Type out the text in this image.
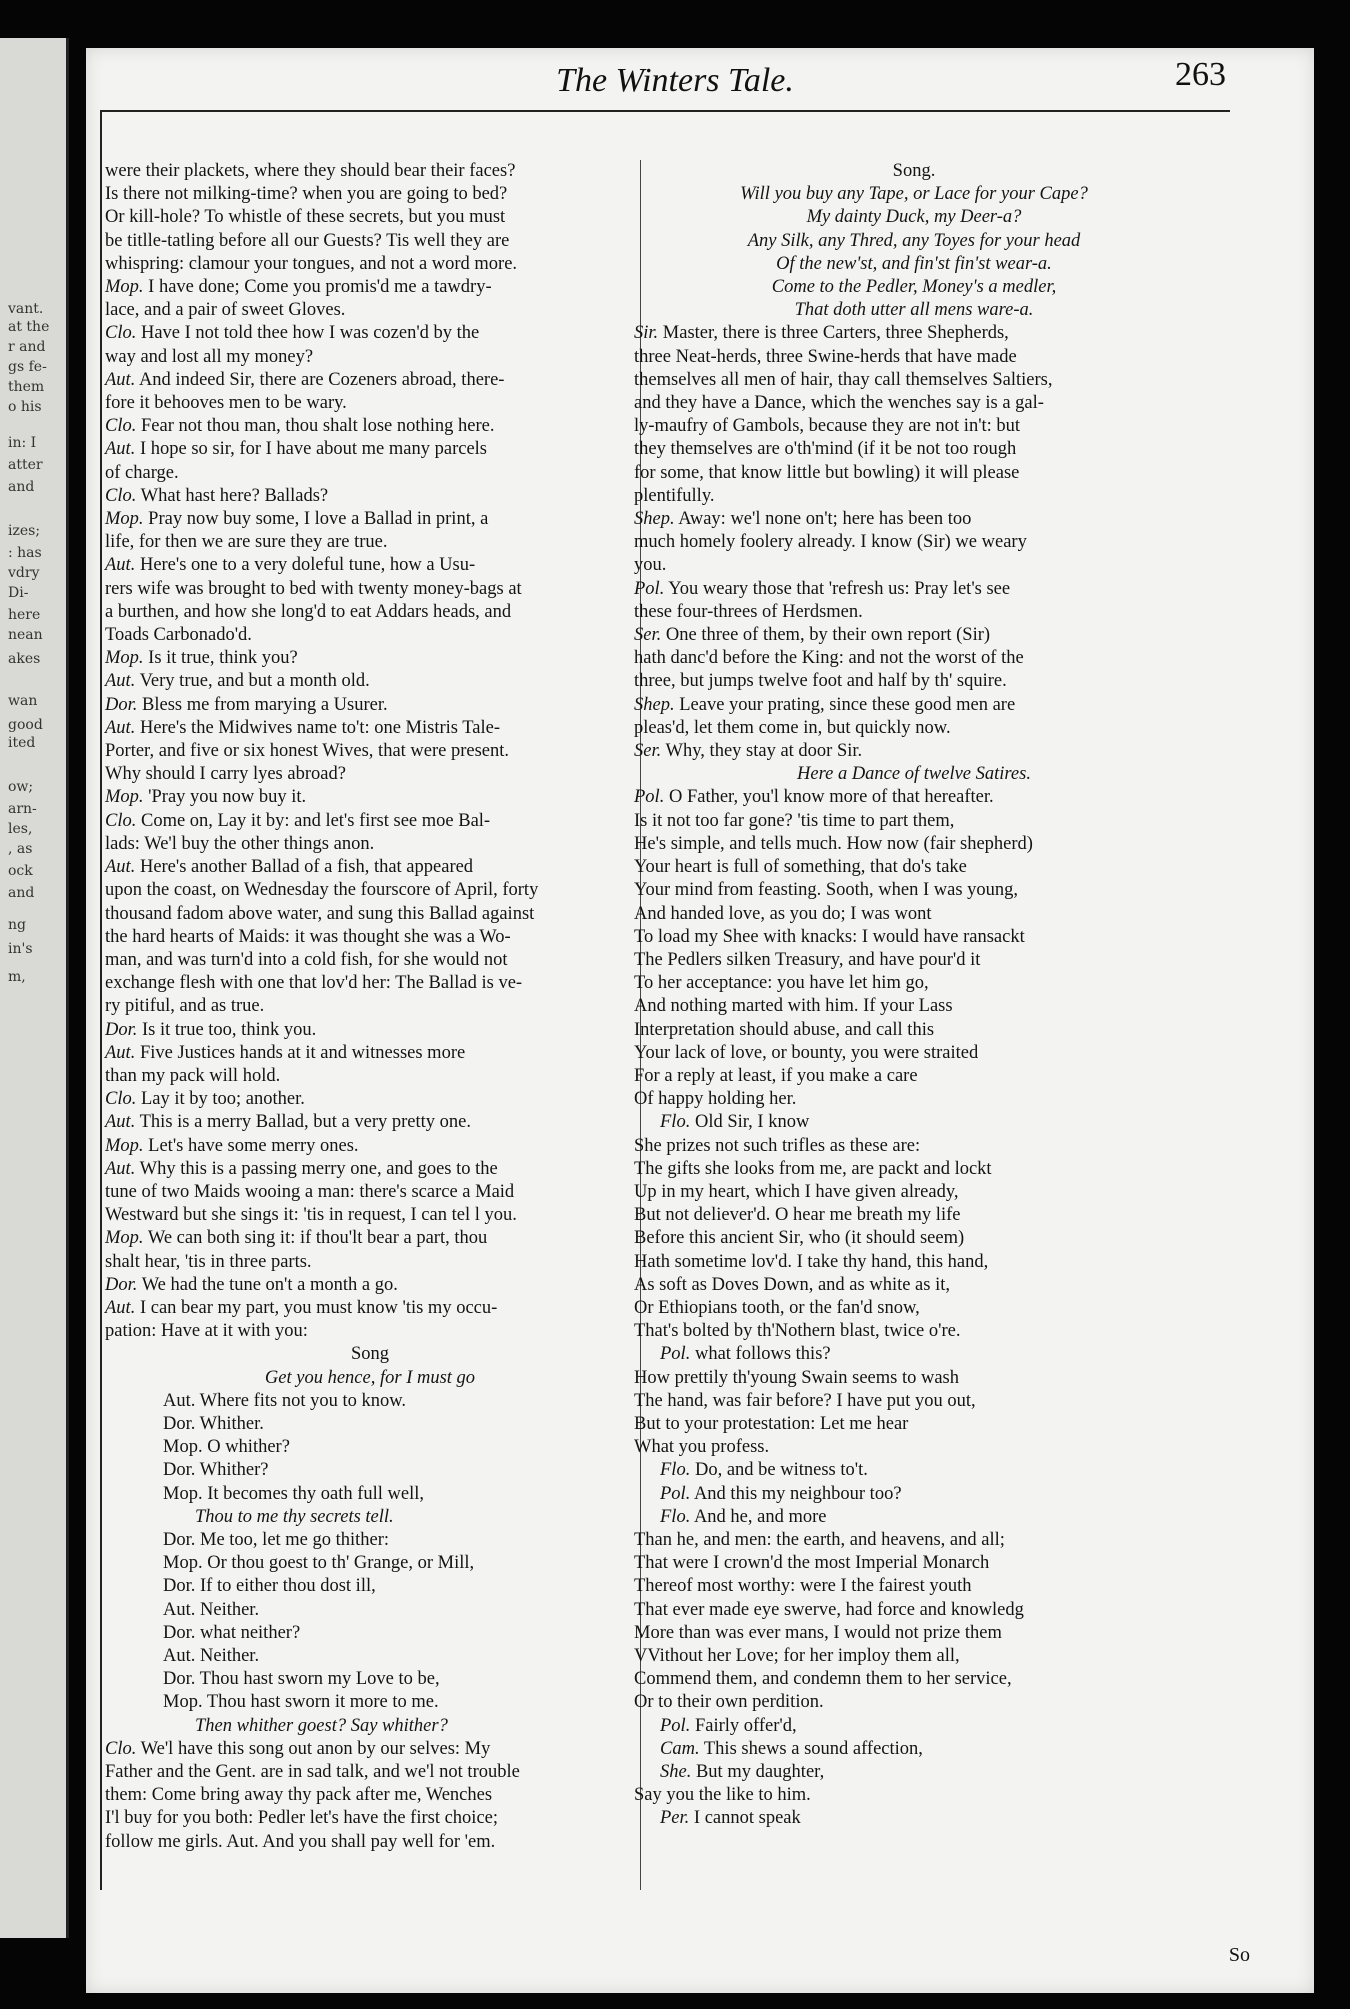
vant.
at the
r and
gs fe-
them
o his
in: I
atter
and
izes;
: has
vdry
Di-
here
nean
akes
wan
good
ited
ow;
arn-
les,
, as
ock
and
ng
in's
m,
The Winters Tale.	263

were their plackets, where they should bear their faces?

Is there not milking-time? when you are going to bed?

Or kill-hole? To whistle of these secrets, but you must

be titlle-tatling before all our Guests? Tis well they are

whispring: clamour your tongues, and not a word more.

Mop. I have done; Come you promis'd me a tawdry-

lace, and a pair of sweet Gloves.

Clo. Have I not told thee how I was cozen'd by the

way and lost all my money?

Aut. And indeed Sir, there are Cozeners abroad, there-

fore it behooves men to be wary.

Clo. Fear not thou man, thou shalt lose nothing here.

Aut. I hope so sir, for I have about me many parcels

of charge.

Clo. What hast here? Ballads?

Mop. Pray now buy some, I love a Ballad in print, a

life, for then we are sure they are true.

Aut. Here's one to a very doleful tune, how a Usu-

rers wife was brought to bed with twenty money-bags at

a burthen, and how she long'd to eat Addars heads, and

Toads Carbonado'd.

Mop. Is it true, think you?

Aut. Very true, and but a month old.

Dor. Bless me from marying a Usurer.

Aut. Here's the Midwives name to't: one Mistris Tale-

Porter, and five or six honest Wives, that were present.

Why should I carry lyes abroad?

Mop. 'Pray you now buy it.

Clo. Come on, Lay it by: and let's first see moe Bal-

lads: We'l buy the other things anon.

Aut. Here's another Ballad of a fish, that appeared

upon the coast, on Wednesday the fourscore of April, forty

thousand fadom above water, and sung this Ballad against

the hard hearts of Maids: it was thought she was a Wo-

man, and was turn'd into a cold fish, for she would not

exchange flesh with one that lov'd her: The Ballad is ve-

ry pitiful, and as true.

Dor. Is it true too, think you.

Aut. Five Justices hands at it and witnesses more

than my pack will hold.

Clo. Lay it by too; another.

Aut. This is a merry Ballad, but a very pretty one.

Mop. Let's have some merry ones.

Aut. Why this is a passing merry one, and goes to the

tune of two Maids wooing a man: there's scarce a Maid

Westward but she sings it: 'tis in request, I can tel l you.

Mop. We can both sing it: if thou'lt bear a part, thou

shalt hear, 'tis in three parts.

Dor. We had the tune on't a month a go.

Aut. I can bear my part, you must know 'tis my occu-

pation: Have at it with you:

Song

Get you hence, for I must go

Aut. Where fits not you to know.

Dor. Whither.

Mop. O whither?

Dor. Whither?

Mop. It becomes thy oath full well,

Thou to me thy secrets tell.

Dor. Me too, let me go thither:

Mop. Or thou goest to th' Grange, or Mill,

Dor. If to either thou dost ill,

Aut. Neither.

Dor. what neither?

Aut. Neither.

Dor. Thou hast sworn my Love to be,

Mop. Thou hast sworn it more to me.

Then whither goest? Say whither?

Clo. We'l have this song out anon by our selves: My

Father and the Gent. are in sad talk, and we'l not trouble

them: Come bring away thy pack after me, Wenches

I'l buy for you both: Pedler let's have the first choice;

follow me girls. Aut. And you shall pay well for 'em.

Song.

Will you buy any Tape, or Lace for your Cape?

My dainty Duck, my Deer-a?

Any Silk, any Thred, any Toyes for your head

Of the new'st, and fin'st fin'st wear-a.

Come to the Pedler, Money's a medler,

That doth utter all mens ware-a.

Sir. Master, there is three Carters, three Shepherds,

three Neat-herds, three Swine-herds that have made

themselves all men of hair, thay call themselves Saltiers,

and they have a Dance, which the wenches say is a gal-

ly-maufry of Gambols, because they are not in't: but

they themselves are o'th'mind (if it be not too rough

for some, that know little but bowling) it will please

plentifully.

Shep. Away: we'l none on't; here has been too

much homely foolery already. I know (Sir) we weary

you.

Pol. You weary those that 'refresh us: Pray let's see

these four-threes of Herdsmen.

Ser. One three of them, by their own report (Sir)

hath danc'd before the King: and not the worst of the

three, but jumps twelve foot and half by th' squire.

Shep. Leave your prating, since these good men are

pleas'd, let them come in, but quickly now.

Ser. Why, they stay at door Sir.

Here a Dance of twelve Satires.

Pol. O Father, you'l know more of that hereafter.

Is it not too far gone? 'tis time to part them,

He's simple, and tells much. How now (fair shepherd)

Your heart is full of something, that do's take

Your mind from feasting. Sooth, when I was young,

And handed love, as you do; I was wont

To load my Shee with knacks: I would have ransackt

The Pedlers silken Treasury, and have pour'd it

To her acceptance: you have let him go,

And nothing marted with him. If your Lass

Interpretation should abuse, and call this

Your lack of love, or bounty, you were straited

For a reply at least, if you make a care

Of happy holding her.

Flo. Old Sir, I know

She prizes not such trifles as these are:

The gifts she looks from me, are packt and lockt

Up in my heart, which I have given already,

But not deliever'd. O hear me breath my life

Before this ancient Sir, who (it should seem)

Hath sometime lov'd. I take thy hand, this hand,

As soft as Doves Down, and as white as it,

Or Ethiopians tooth, or the fan'd snow,

That's bolted by th'Nothern blast, twice o're.

Pol. what follows this?

How prettily th'young Swain seems to wash

The hand, was fair before? I have put you out,

But to your protestation: Let me hear

What you profess.

Flo. Do, and be witness to't.

Pol. And this my neighbour too?

Flo. And he, and more

Than he, and men: the earth, and heavens, and all;

That were I crown'd the most Imperial Monarch

Thereof most worthy: were I the fairest youth

That ever made eye swerve, had force and knowledg

More than was ever mans, I would not prize them

VVithout her Love; for her imploy them all,

Commend them, and condemn them to her service,

Or to their own perdition.

Pol. Fairly offer'd,

Cam. This shews a sound affection,

She. But my daughter,

Say you the like to him.

Per. I cannot speak

So
